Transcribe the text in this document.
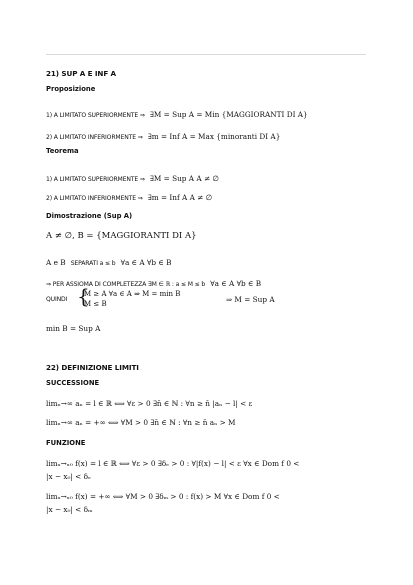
21) SUP A E INF A
Proposizione
1) A LIMITATO SUPERIORMENTE ⇒ ∃M = Sup A = Min {MAGGIORANTI DI A}
2) A LIMITATO INFERIORMENTE ⇒ ∃m = Inf A = Max {minoranti DI A}
Teorema
1) A LIMITATO SUPERIORMENTE ⇒ ∃M = Sup A A ≠ ∅
2) A LIMITATO INFERIORMENTE ⇒ ∃m = Inf A A ≠ ∅
Dimostrazione (Sup A)
A ≠ ∅, B = {MAGGIORANTI DI A}
A e B SEPARATI a ≤ b ∀a ∈ A ∀b ∈ B
⇒ PER ASSIOMA DI COMPLETEZZA ∃M ∈ ℝ : a ≤ M ≤ b ∀a ∈ A ∀b ∈ B
QUINDI {
M ≥ A ∀a ∈ A ⇒ M = min B
M ≤ B	⇒ M = Sup A
min B = Sup A
22) DEFINIZIONE LIMITI
SUCCESSIONE
limₙ→∞ aₙ = l ∈ ℝ ⟺ ∀ε > 0 ∃n̄ ∈ ℕ : ∀n ≥ n̄ |aₙ − l| < ε
limₙ→∞ aₙ = +∞ ⟺ ∀M > 0 ∃n̄ ∈ ℕ : ∀n ≥ n̄ aₙ > M
FUNZIONE
limₓ→ₓ₀ f(x) = l ∈ ℝ ⟺ ∀ε > 0 ∃δₑ > 0 : ∀|f(x) − l| < ε ∀x ∈ Dom f 0 <
|x − x₀| < δₑ
limₓ→ₓ₀ f(x) = +∞ ⟺ ∀M > 0 ∃δₘ > 0 : f(x) > M ∀x ∈ Dom f 0 <
|x − x₀| < δₘ
